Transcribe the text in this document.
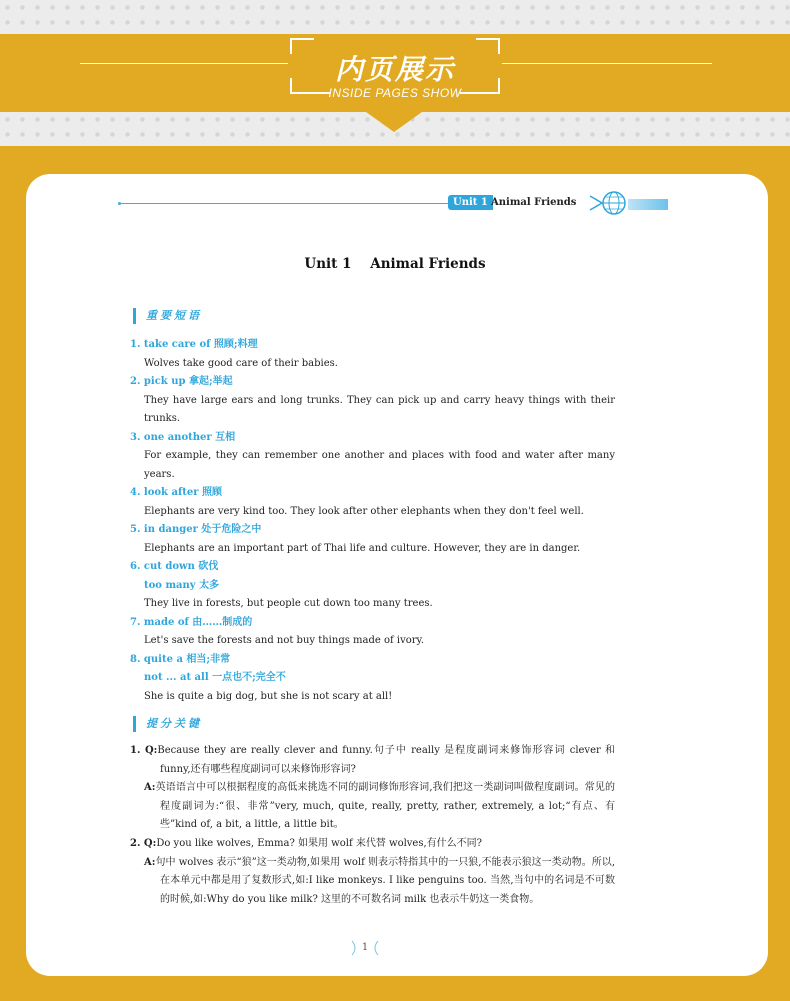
内页展示
INSIDE PAGES SHOW
Unit 1 Animal Friends
Unit 1    Animal Friends
重要短语
1. take care of 照顾;料理
Wolves take good care of their babies.
2. pick up 拿起;举起
They have large ears and long trunks. They can pick up and carry heavy things with their trunks.
3. one another 互相
For example, they can remember one another and places with food and water after many years.
4. look after 照顾
Elephants are very kind too. They look after other elephants when they don't feel well.
5. in danger 处于危险之中
Elephants are an important part of Thai life and culture. However, they are in danger.
6. cut down 砍伐
too many 太多
They live in forests, but people cut down too many trees.
7. made of 由……制成的
Let's save the forests and not buy things made of ivory.
8. quite a 相当;非常
not ... at all 一点也不;完全不
She is quite a big dog, but she is not scary at all!
提分关键
1. Q:Because they are really clever and funny.句子中 really 是程度副词来修饰形容词 clever 和 funny,还有哪些程度副词可以来修饰形容词?
A:英语语言中可以根据程度的高低来挑选不同的副词修饰形容词,我们把这一类副词叫做程度副词。常见的程度副词为:“很、非常”very, much, quite, really, pretty, rather, extremely, a lot;“有点、有些”kind of, a bit, a little, a little bit。
2. Q:Do you like wolves, Emma? 如果用 wolf 来代替 wolves,有什么不同?
A:句中 wolves 表示“狼”这一类动物,如果用 wolf 则表示特指其中的一只狼,不能表示狼这一类动物。所以,在本单元中都是用了复数形式,如:I like monkeys. I like penguins too. 当然,当句中的名词是不可数的时候,如:Why do you like milk? 这里的不可数名词 milk 也表示牛奶这一类食物。
1
